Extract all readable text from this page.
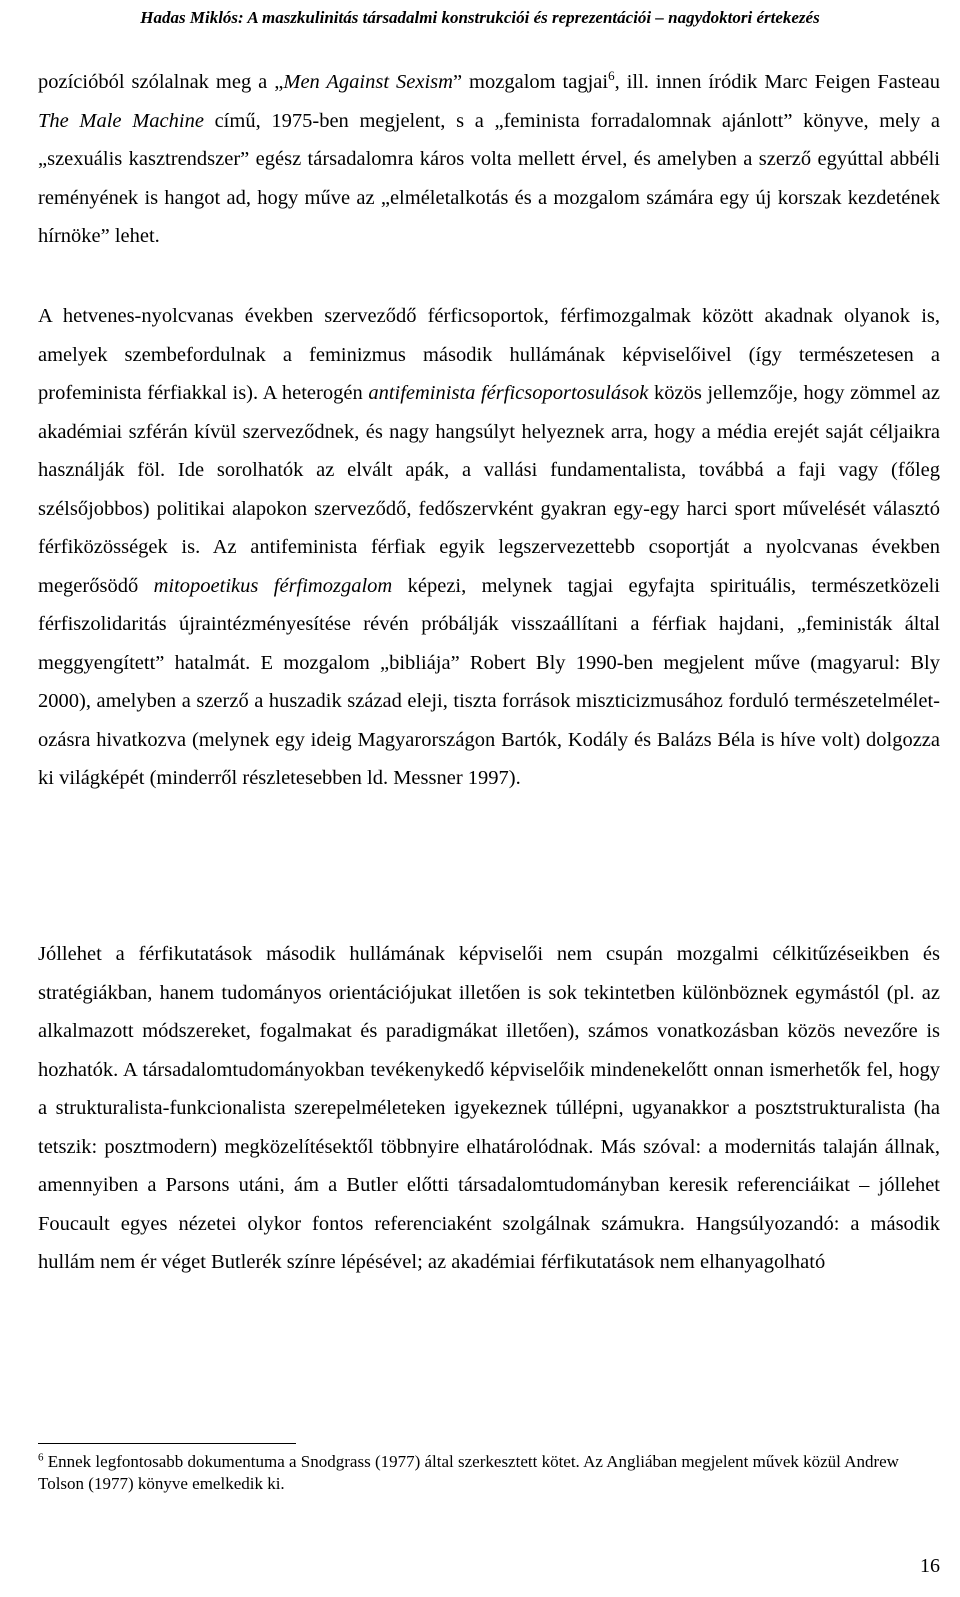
Hadas Miklós: A maszkulinitás társadalmi konstrukciói és reprezentációi – nagydoktori értekezés
pozícióból szólalnak meg a „Men Against Sexism” mozgalom tagjai$^6$, ill. innen íródik Marc Feigen Fasteau The Male Machine című, 1975-ben megjelent, s a „feminista forradalomnak ajánlott” könyve, mely a „szexuális kasztrendszer” egész társadalomra káros volta mellett érvel, és amelyben a szerző egyúttal abbéli reményének is hangot ad, hogy műve az „elméletalkotás és a mozgalom számára egy új korszak kezdetének hírnöke” lehet.
A hetvenes-nyolcvanas években szerveződő férficsoportok, férfimozgalmak között akadnak olyanok is, amelyek szembefordulnak a feminizmus második hullámának képviselőivel (így természetesen a profeminista férfiakkal is). A heterogén antifeminista férficsoportosulások közös jellemzője, hogy zömmel az akadémiai szférán kívül szerveződnek, és nagy hangsúlyt helyeznek arra, hogy a média erejét saját céljaikra használják föl. Ide sorolhatók az elvált apák, a vallási fundamentalista, továbbá a faji vagy (főleg szélsőjobbos) politikai alapokon szerveződő, fedőszervként gyakran egy-egy harci sport művelését választó férfiközösségek is. Az antifeminista férfiak egyik legszervezettebb csoportját a nyolcvanas években megerősödő mitopoetikus férfimozgalom képezi, melynek tagjai egyfajta spirituális, természetközeli férfiszolidaritás újraintézményesítése révén próbálják visszaállítani a férfiak hajdani, „feministák által meggyengített” hatalmát. E mozgalom „bibliája” Robert Bly 1990-ben megjelent műve (magyarul: Bly 2000), amelyben a szerző a huszadik század eleji, tiszta források miszticizmusához forduló természetelméletozásra hivatkozva (melynek egy ideig Magyarországon Bartók, Kodály és Balázs Béla is híve volt) dolgozza ki világképét (minderről részletesebben ld. Messner 1997).
Jóllehet a férfikutatások második hullámának képviselői nem csupán mozgalmi célkitűzéseikben és stratégiákban, hanem tudományos orientációjukat illetően is sok tekintetben különböznek egymástól (pl. az alkalmazott módszereket, fogalmakat és paradigmákat illetően), számos vonatkozásban közös nevezőre is hozhatók. A társadalomtudományokban tevékenykedő képviselőik mindenekelőtt onnan ismerhetők fel, hogy a strukturalista-funkcionalista szerepelméleteken igyekeznek túllépni, ugyanakkor a posztstrukturalista (ha tetszik: posztmodern) megközelítésektől többnyire elhatárolódnak. Más szóval: a modernitás talaján állnak, amennyiben a Parsons utáni, ám a Butler előtti társadalomtudományban keresik referenciáikat – jóllehet Foucault egyes nézetei olykor fontos referenciaként szolgálnak számukra. Hangsúlyozandó: a második hullám nem ér véget Butlerék színre lépésével; az akadémiai férfikutatások nem elhanyagolható
$^6$ Ennek legfontosabb dokumentuma a Snodgrass (1977) által szerkesztett kötet. Az Angliában megjelent művek közül Andrew Tolson (1977) könyve emelkedik ki.
16
